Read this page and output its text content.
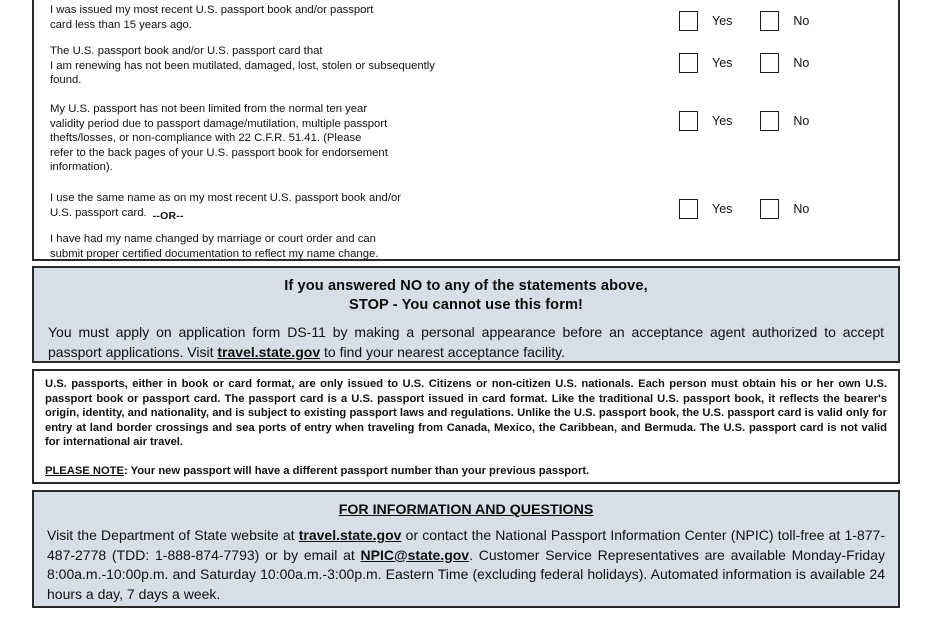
I was issued my most recent U.S. passport book and/or passport

card less than 15 years ago.	Yes	No

The U.S. passport book and/or U.S. passport card that

I am renewing has not been mutilated, damaged, lost, stolen or subsequently

found.

Yes	No

My U.S. passport has not been limited from the normal ten year

validity period due to passport damage/mutilation, multiple passport

thefts/losses, or non-compliance with 22 C.F.R. 51.41. (Please

refer to the back pages of your U.S. passport book for endorsement

information).

Yes	No

I use the same name as on my most recent U.S. passport book and/or

U.S. passport card. --OR--

I have had my name changed by marriage or court order and can

submit proper certified documentation to reflect my name change.

Yes	No
If you answered NO to any of the statements above,
STOP - You cannot use this form!
You must apply on application form DS-11 by making a personal appearance before an acceptance agent authorized to accept passport applications. Visit travel.state.gov to find your nearest acceptance facility.
U.S. passports, either in book or card format, are only issued to U.S. Citizens or non-citizen U.S. nationals. Each person must obtain his or her own U.S. passport book or passport card. The passport card is a U.S. passport issued in card format. Like the traditional U.S. passport book, it reflects the bearer's origin, identity, and nationality, and is subject to existing passport laws and regulations. Unlike the U.S. passport book, the U.S. passport card is valid only for entry at land border crossings and sea ports of entry when traveling from Canada, Mexico, the Caribbean, and Bermuda. The U.S. passport card is not valid for international air travel.
PLEASE NOTE: Your new passport will have a different passport number than your previous passport.
FOR INFORMATION AND QUESTIONS
Visit the Department of State website at travel.state.gov or contact the National Passport Information Center (NPIC) toll-free at 1-877-487-2778 (TDD: 1-888-874-7793) or by email at NPIC@state.gov. Customer Service Representatives are available Monday-Friday 8:00a.m.-10:00p.m. and Saturday 10:00a.m.-3:00p.m. Eastern Time (excluding federal holidays). Automated information is available 24 hours a day, 7 days a week.
